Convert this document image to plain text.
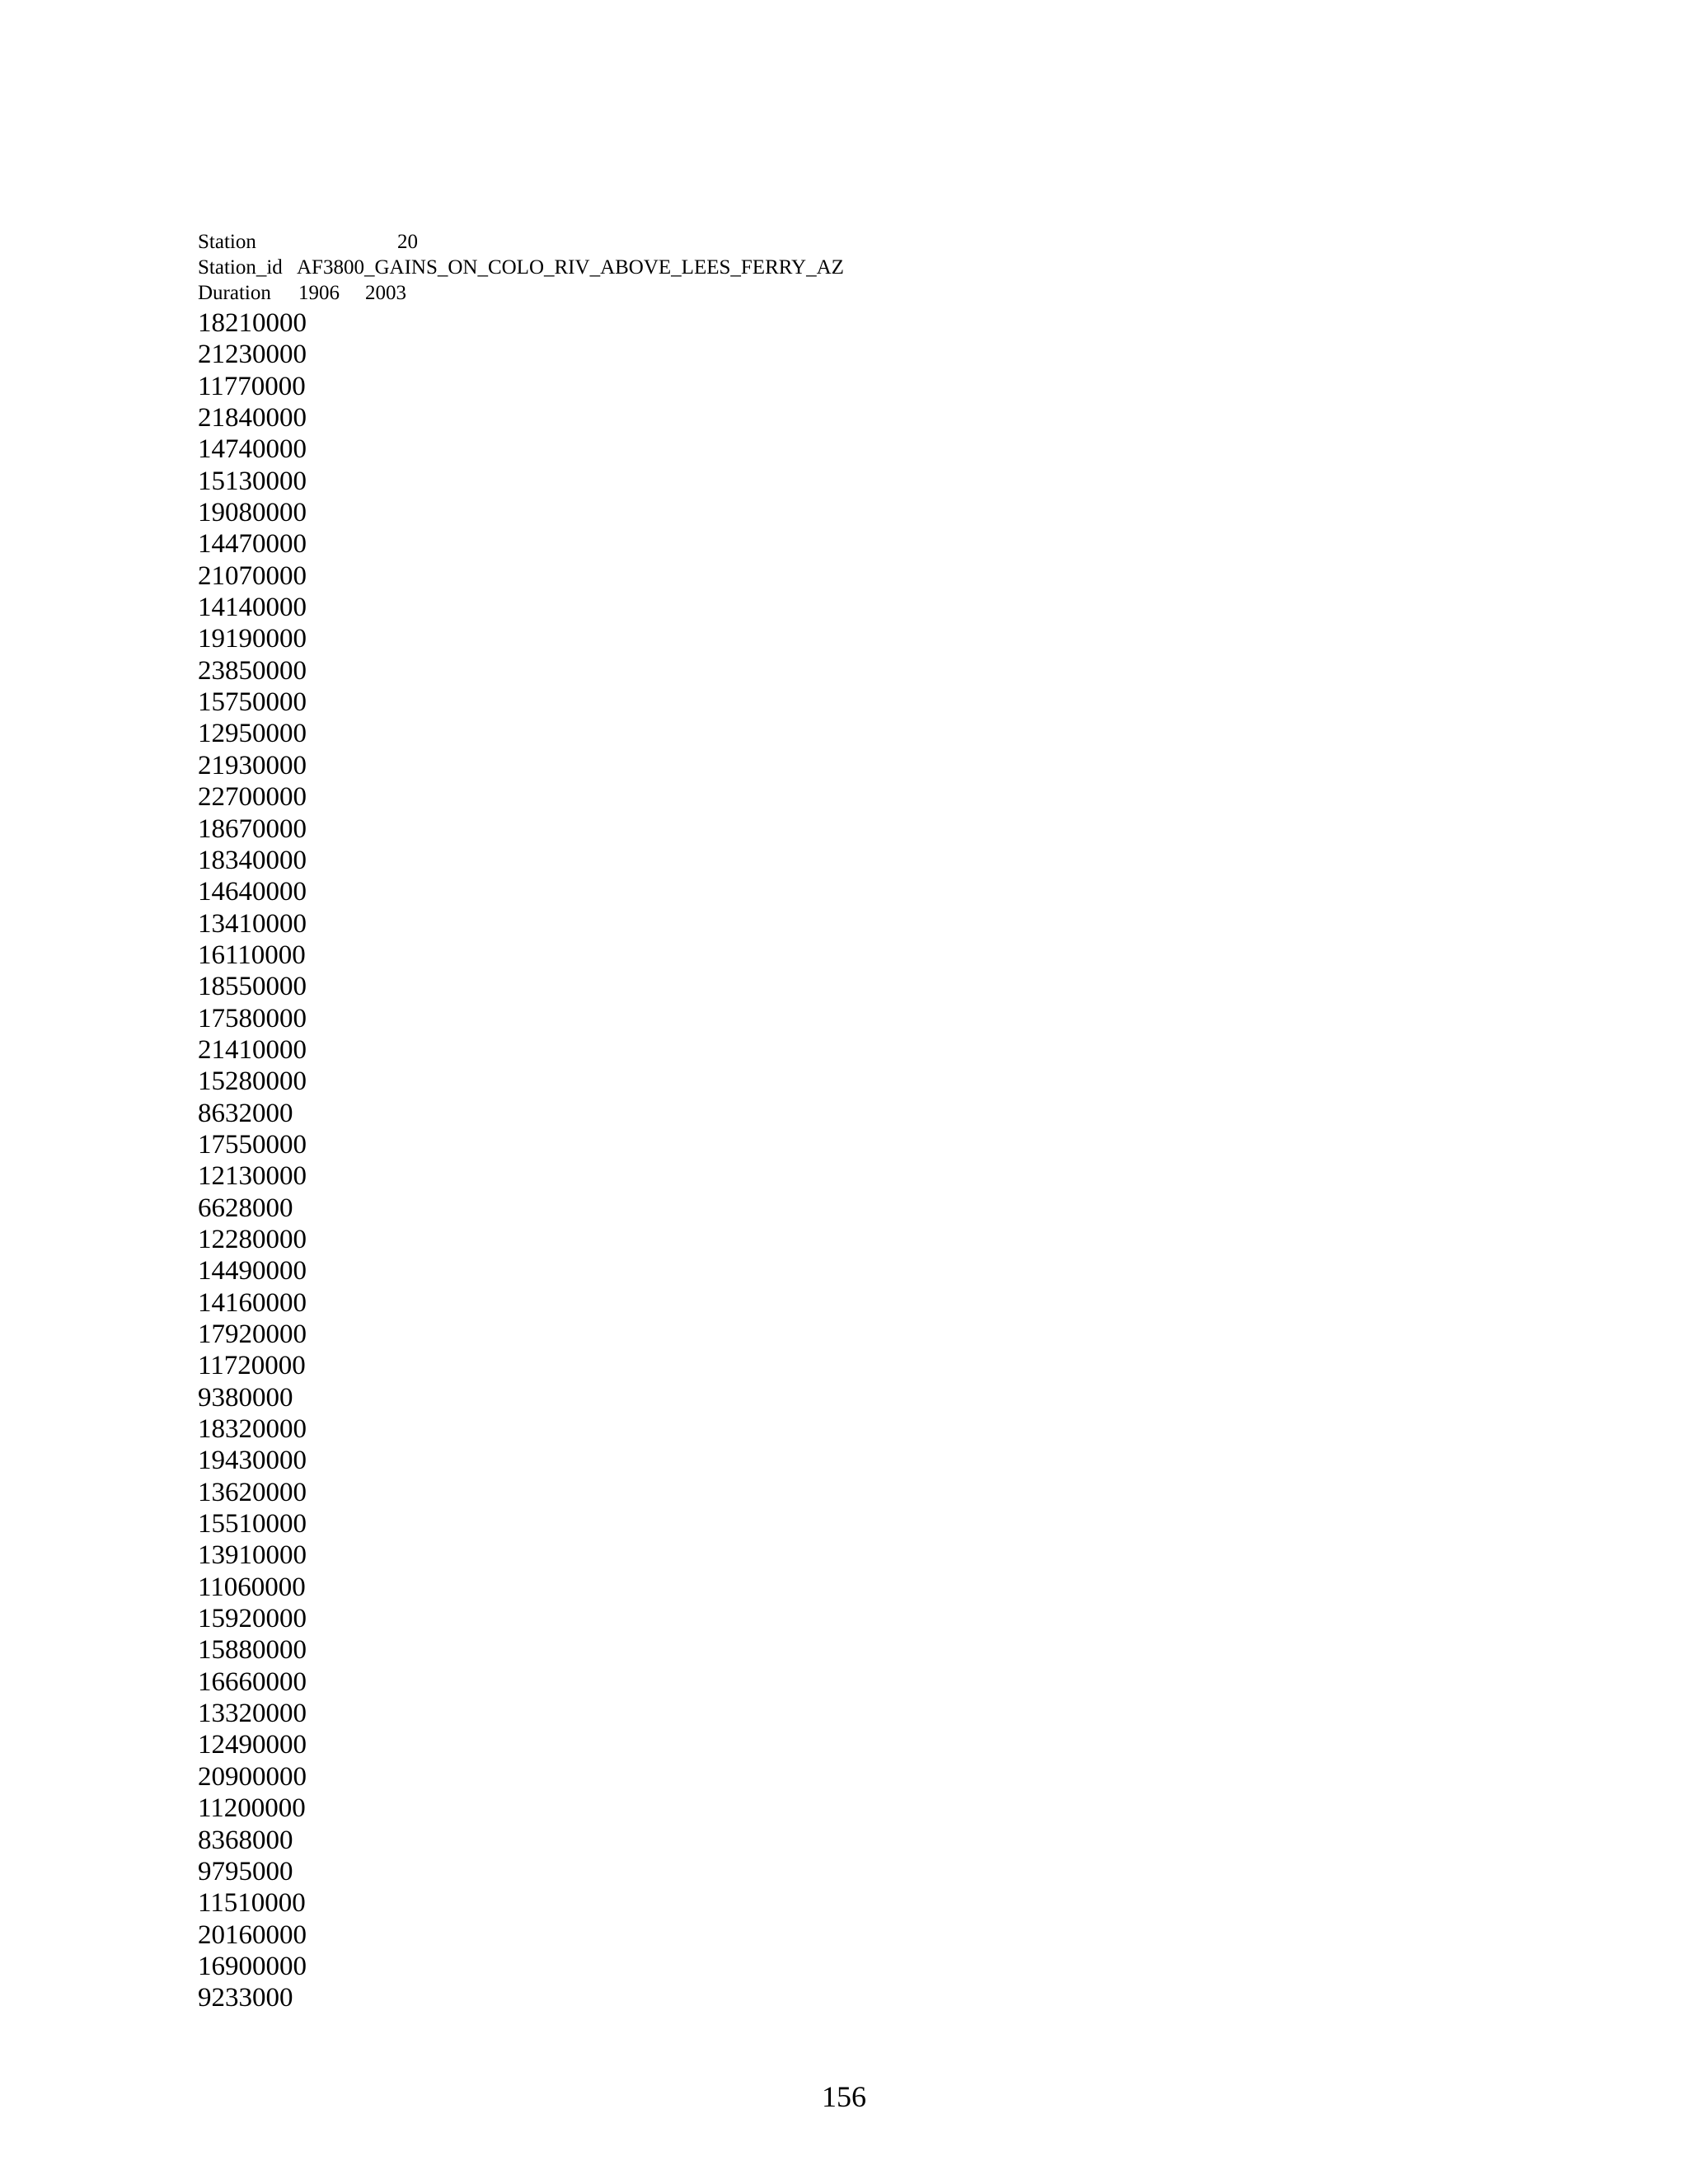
Station	20
Station_id AF3800_GAINS_ON_COLO_RIV_ABOVE_LEES_FERRY_AZ
Duration 1906 2003
18210000
21230000
11770000
21840000
14740000
15130000
19080000
14470000
21070000
14140000
19190000
23850000
15750000
12950000
21930000
22700000
18670000
18340000
14640000
13410000
16110000
18550000
17580000
21410000
15280000
8632000
17550000
12130000
6628000
12280000
14490000
14160000
17920000
11720000
9380000
18320000
19430000
13620000
15510000
13910000
11060000
15920000
15880000
16660000
13320000
12490000
20900000
11200000
8368000
9795000
11510000
20160000
16900000
9233000
156
